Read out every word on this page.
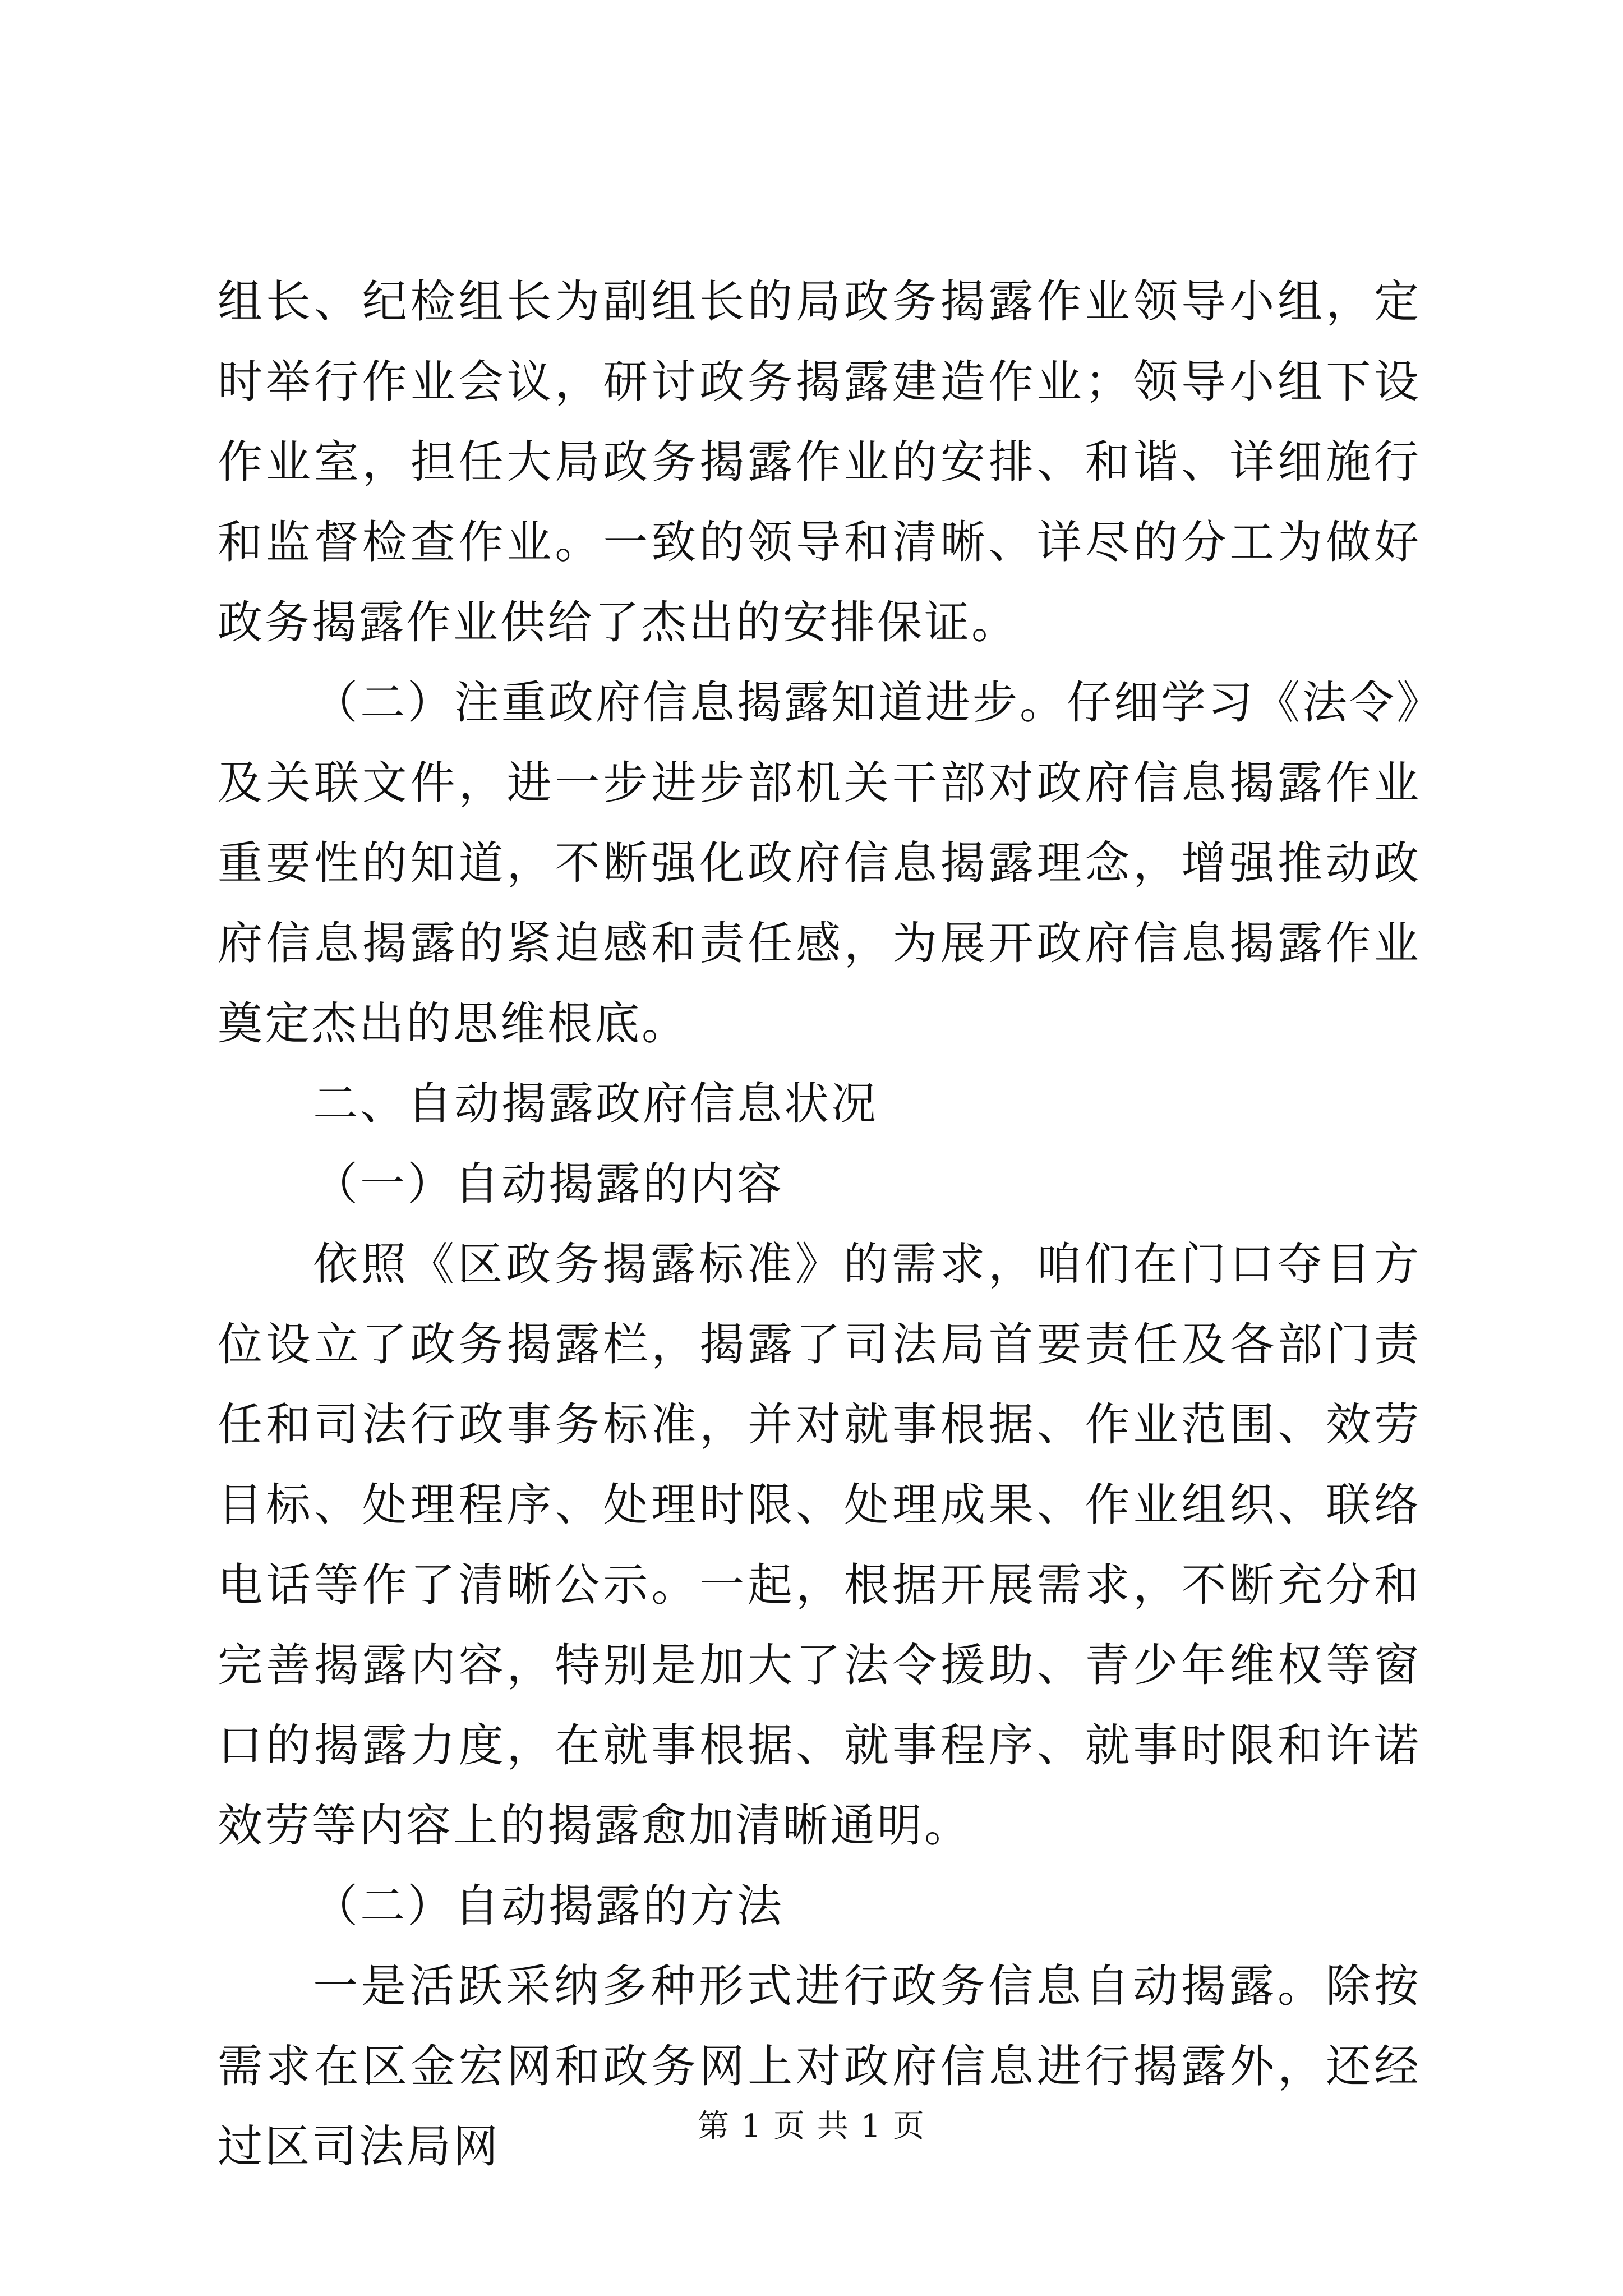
组长、纪检组长为副组长的局政务揭露作业领导小组，定时举行作业会议，研讨政务揭露建造作业；领导小组下设作业室，担任大局政务揭露作业的安排、和谐、详细施行和监督检查作业。一致的领导和清晰、详尽的分工为做好政务揭露作业供给了杰出的安排保证。

（二）注重政府信息揭露知道进步。仔细学习《法令》及关联文件，进一步进步部机关干部对政府信息揭露作业重要性的知道，不断强化政府信息揭露理念，增强推动政府信息揭露的紧迫感和责任感，为展开政府信息揭露作业奠定杰出的思维根底。

二、自动揭露政府信息状况

（一）自动揭露的内容

依照《区政务揭露标准》的需求，咱们在门口夺目方位设立了政务揭露栏，揭露了司法局首要责任及各部门责任和司法行政事务标准，并对就事根据、作业范围、效劳目标、处理程序、处理时限、处理成果、作业组织、联络电话等作了清晰公示。一起，根据开展需求，不断充分和完善揭露内容，特别是加大了法令援助、青少年维权等窗口的揭露力度，在就事根据、就事程序、就事时限和许诺效劳等内容上的揭露愈加清晰通明。

（二）自动揭露的方法

一是活跃采纳多种形式进行政务信息自动揭露。除按需求在区金宏网和政务网上对政府信息进行揭露外，还经过区司法局网	第 1 页 共 1 页
